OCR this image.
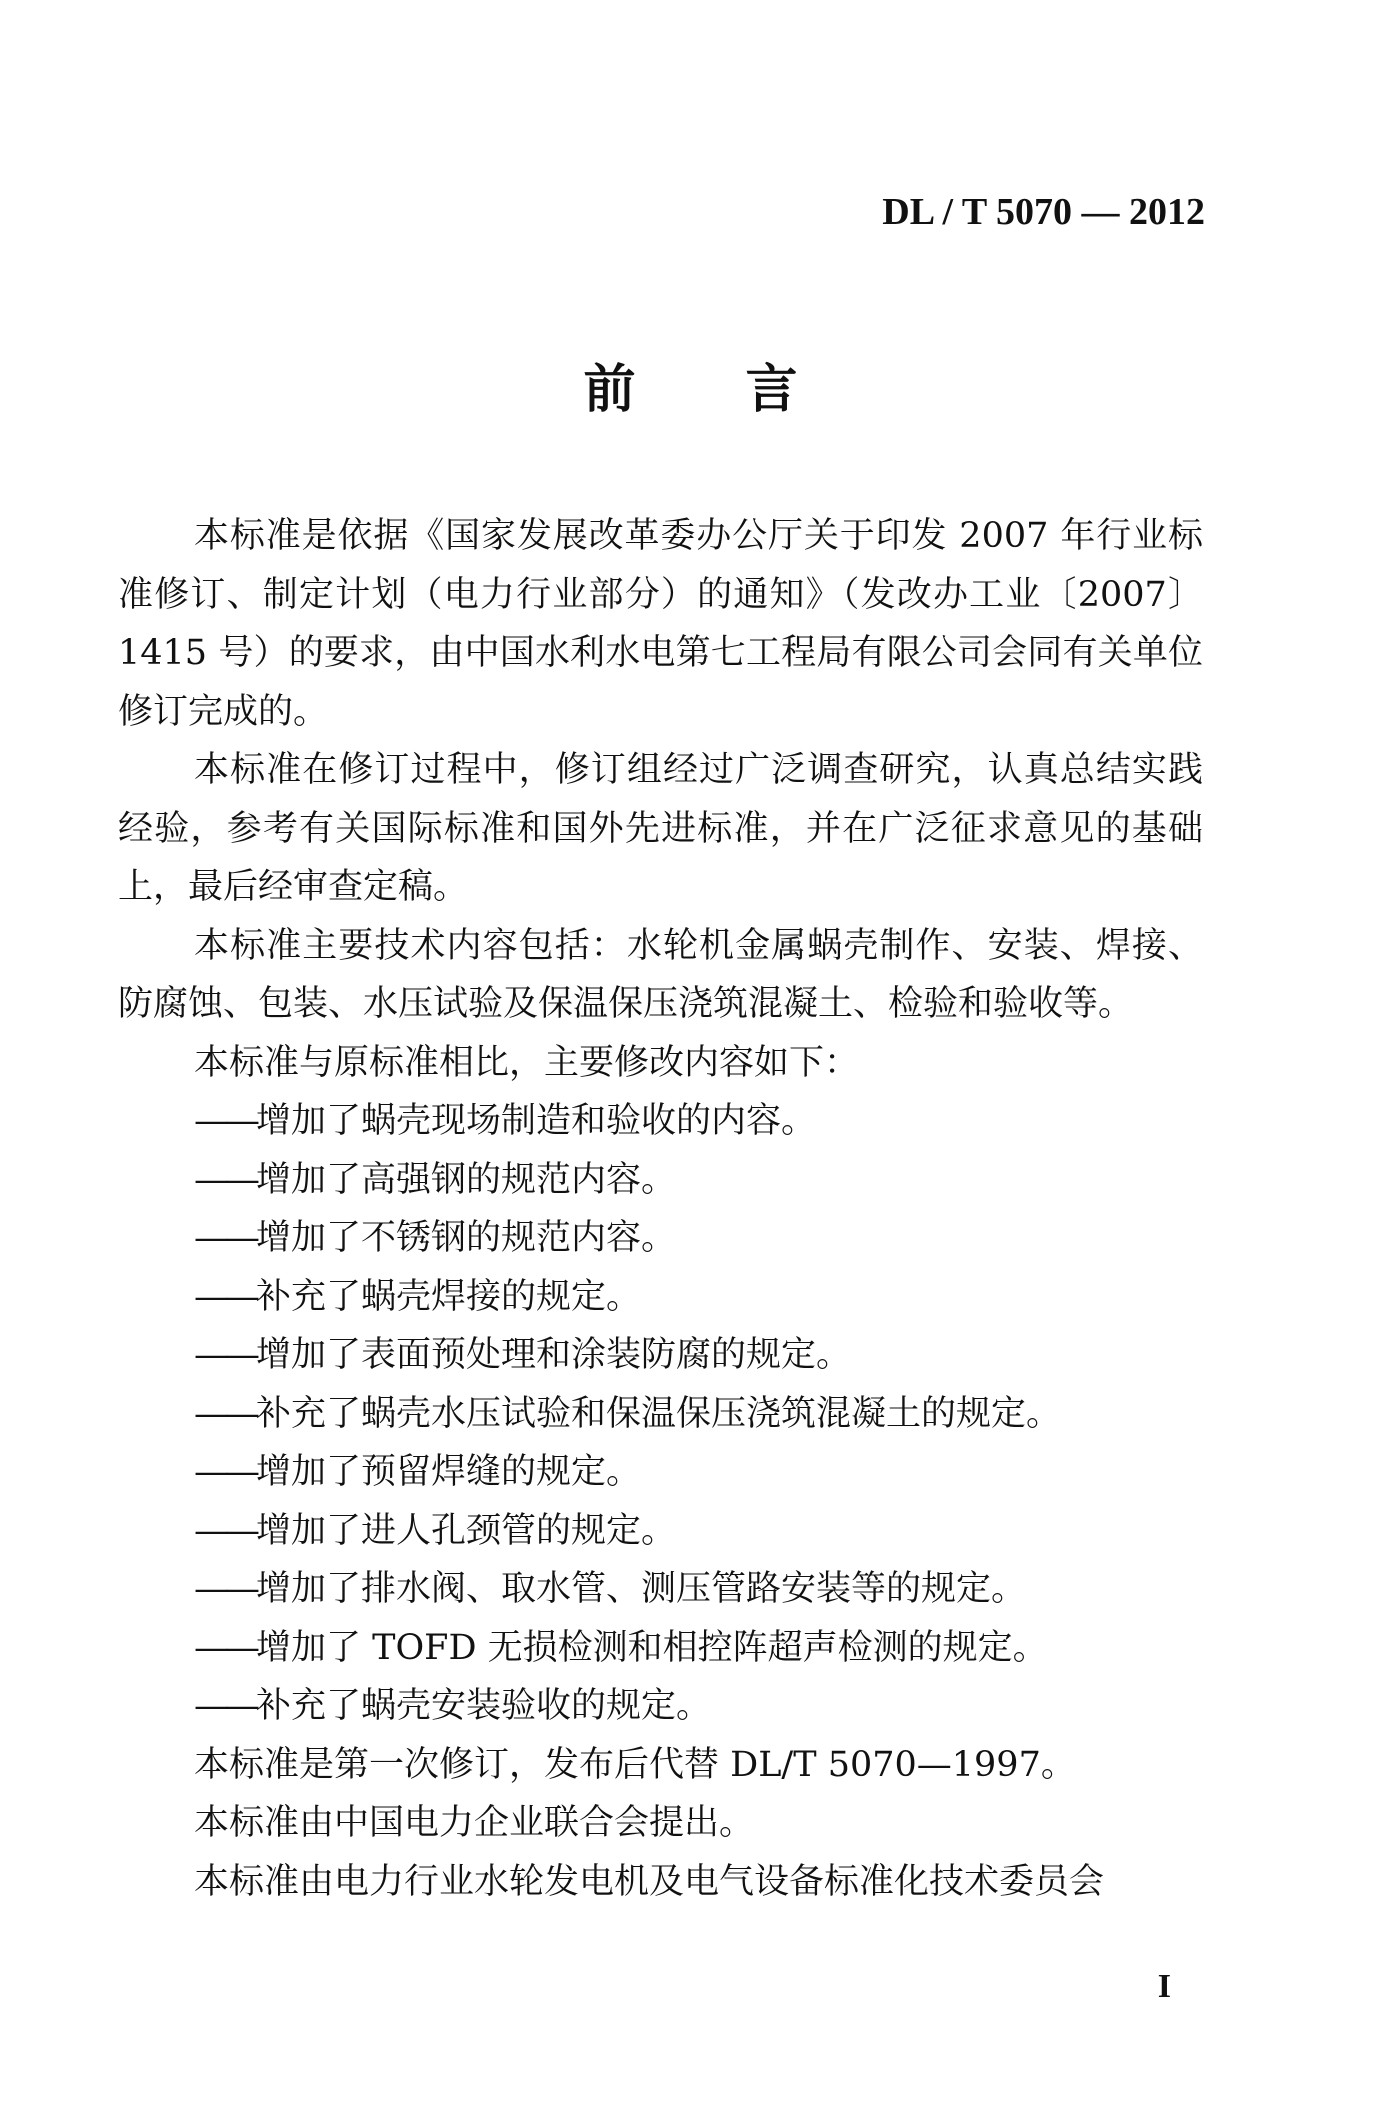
DL / T 5070 — 2012
前 言

本标准是依据《国家发展改革委办公厅关于印发 2007 年行业标准修订、制定计划（电力行业部分）的通知》（发改办工业〔2007〕1415 号）的要求，由中国水利水电第七工程局有限公司会同有关单位修订完成的。

本标准在修订过程中，修订组经过广泛调查研究，认真总结实践经验，参考有关国际标准和国外先进标准，并在广泛征求意见的基础上，最后经审查定稿。

本标准主要技术内容包括：水轮机金属蜗壳制作、安装、焊接、防腐蚀、包装、水压试验及保温保压浇筑混凝土、检验和验收等。

本标准与原标准相比，主要修改内容如下：

——增加了蜗壳现场制造和验收的内容。

——增加了高强钢的规范内容。

——增加了不锈钢的规范内容。

——补充了蜗壳焊接的规定。

——增加了表面预处理和涂装防腐的规定。

——补充了蜗壳水压试验和保温保压浇筑混凝土的规定。

——增加了预留焊缝的规定。

——增加了进人孔颈管的规定。

——增加了排水阀、取水管、测压管路安装等的规定。

——增加了 TOFD 无损检测和相控阵超声检测的规定。

——补充了蜗壳安装验收的规定。

本标准是第一次修订，发布后代替 DL/T 5070—1997。

本标准由中国电力企业联合会提出。

本标准由电力行业水轮发电机及电气设备标准化技术委员会

I
